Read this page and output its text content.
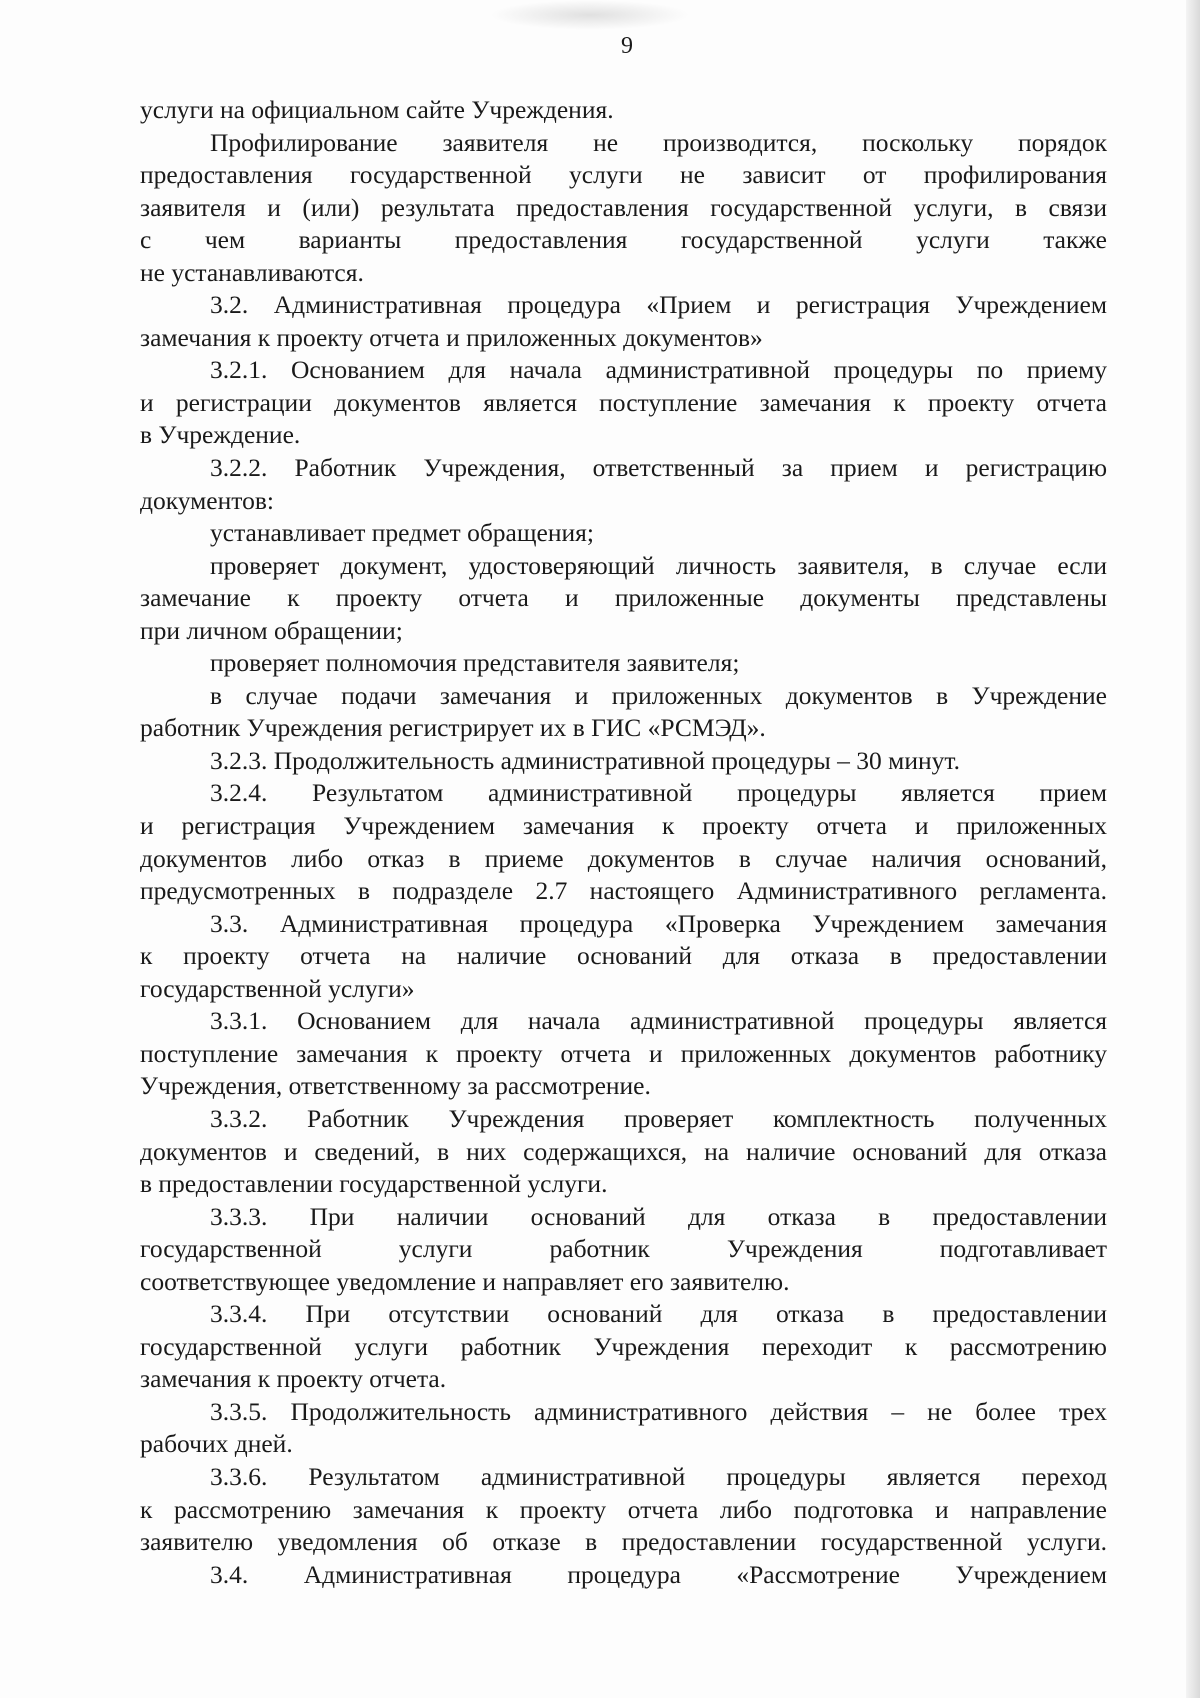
9
услуги на официальном сайте Учреждения.
Профилирование заявителя не производится, поскольку порядок
предоставления государственной услуги не зависит от профилирования
заявителя и (или) результата предоставления государственной услуги, в связи
с чем варианты предоставления государственной услуги также
не устанавливаются.
3.2. Административная процедура «Прием и регистрация Учреждением
замечания к проекту отчета и приложенных документов»
3.2.1. Основанием для начала административной процедуры по приему
и регистрации документов является поступление замечания к проекту отчета
в Учреждение.
3.2.2. Работник Учреждения, ответственный за прием и регистрацию
документов:
устанавливает предмет обращения;
проверяет документ, удостоверяющий личность заявителя, в случае если
замечание к проекту отчета и приложенные документы представлены
при личном обращении;
проверяет полномочия представителя заявителя;
в случае подачи замечания и приложенных документов в Учреждение
работник Учреждения регистрирует их в ГИС «РСМЭД».
3.2.3. Продолжительность административной процедуры – 30 минут.
3.2.4. Результатом административной процедуры является прием
и регистрация Учреждением замечания к проекту отчета и приложенных
документов либо отказ в приеме документов в случае наличия оснований,
предусмотренных в подразделе 2.7 настоящего Административного регламента.
3.3. Административная процедура «Проверка Учреждением замечания
к проекту отчета на наличие оснований для отказа в предоставлении
государственной услуги»
3.3.1. Основанием для начала административной процедуры является
поступление замечания к проекту отчета и приложенных документов работнику
Учреждения, ответственному за рассмотрение.
3.3.2. Работник Учреждения проверяет комплектность полученных
документов и сведений, в них содержащихся, на наличие оснований для отказа
в предоставлении государственной услуги.
3.3.3. При наличии оснований для отказа в предоставлении
государственной услуги работник Учреждения подготавливает
соответствующее уведомление и направляет его заявителю.
3.3.4. При отсутствии оснований для отказа в предоставлении
государственной услуги работник Учреждения переходит к рассмотрению
замечания к проекту отчета.
3.3.5. Продолжительность административного действия – не более трех
рабочих дней.
3.3.6. Результатом административной процедуры является переход
к рассмотрению замечания к проекту отчета либо подготовка и направление
заявителю уведомления об отказе в предоставлении государственной услуги.
3.4. Административная процедура «Рассмотрение Учреждением
